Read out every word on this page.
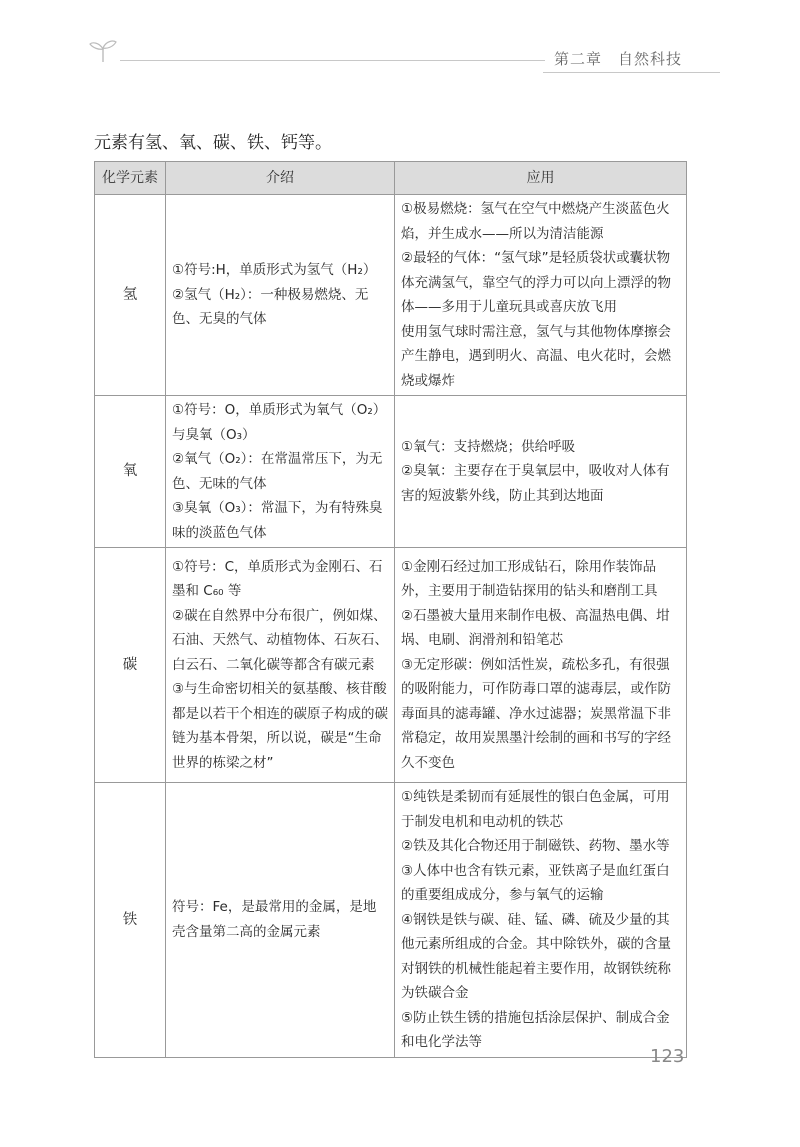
第二章 自然科技
元素有氢、氧、碳、铁、钙等。
化学元素	介绍	应用
氢	①符号:H，单质形式为氢气（H₂）
②氢气（H₂）：一种极易燃烧、无色、无臭的气体	①极易燃烧：氢气在空气中燃烧产生淡蓝色火焰，并生成水——所以为清洁能源
②最轻的气体：“氢气球”是轻质袋状或囊状物体充满氢气，靠空气的浮力可以向上漂浮的物体——多用于儿童玩具或喜庆放飞用
使用氢气球时需注意，氢气与其他物体摩擦会产生静电，遇到明火、高温、电火花时，会燃烧或爆炸

氧	①符号：O，单质形式为氧气（O₂）与臭氧（O₃）
②氧气（O₂）：在常温常压下，为无色、无味的气体
③臭氧（O₃）：常温下，为有特殊臭味的淡蓝色气体	①氧气：支持燃烧；供给呼吸
②臭氧：主要存在于臭氧层中，吸收对人体有害的短波紫外线，防止其到达地面

碳	①符号：C，单质形式为金刚石、石墨和 C₆₀ 等
②碳在自然界中分布很广，例如煤、石油、天然气、动植物体、石灰石、白云石、二氧化碳等都含有碳元素
③与生命密切相关的氨基酸、核苷酸都是以若干个相连的碳原子构成的碳链为基本骨架，所以说，碳是“生命世界的栋梁之材”	①金刚石经过加工形成钻石，除用作装饰品外，主要用于制造钻探用的钻头和磨削工具
②石墨被大量用来制作电极、高温热电偶、坩埚、电刷、润滑剂和铅笔芯
③无定形碳：例如活性炭，疏松多孔，有很强的吸附能力，可作防毒口罩的滤毒层，或作防毒面具的滤毒罐、净水过滤器；炭黑常温下非常稳定，故用炭黑墨汁绘制的画和书写的字经久不变色

铁	符号：Fe，是最常用的金属，是地壳含量第二高的金属元素	①纯铁是柔韧而有延展性的银白色金属，可用于制发电机和电动机的铁芯
②铁及其化合物还用于制磁铁、药物、墨水等
③人体中也含有铁元素，亚铁离子是血红蛋白的重要组成成分，参与氧气的运输
④钢铁是铁与碳、硅、锰、磷、硫及少量的其他元素所组成的合金。其中除铁外，碳的含量对钢铁的机械性能起着主要作用，故钢铁统称为铁碳合金
⑤防止铁生锈的措施包括涂层保护、制成合金和电化学法等
123
